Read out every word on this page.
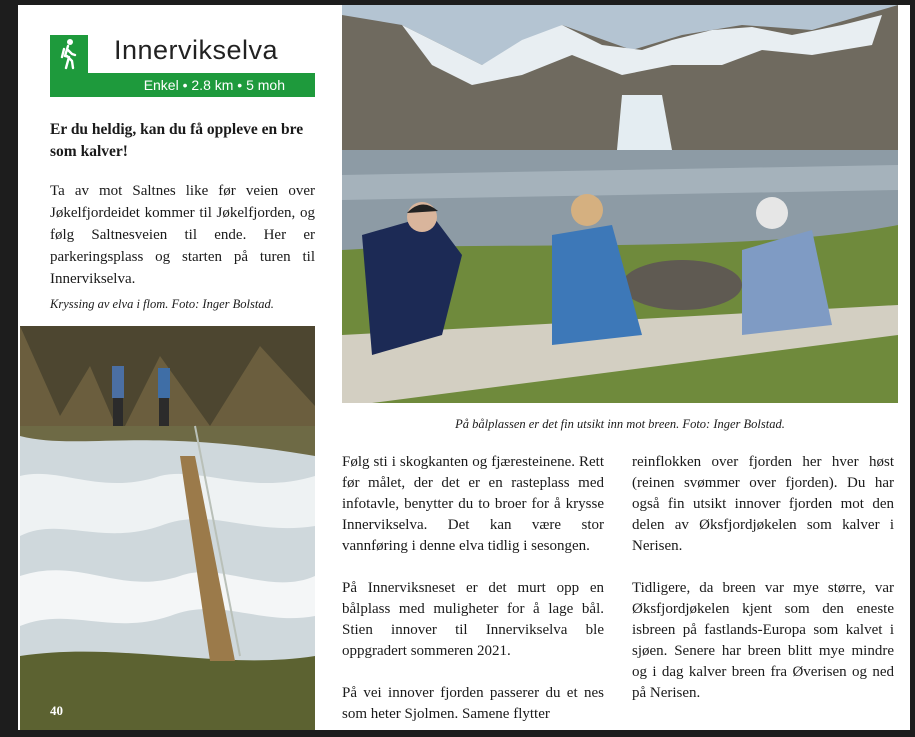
Innervikselva
Enkel • 2.8 km • 5 moh
Er du heldig, kan du få oppleve en bre som kalver!
Ta av mot Saltnes like før veien over Jøkelfjordeidet kommer til Jøkelfjorden, og følg Saltnesveien til ende. Her er parkeringsplass og starten på turen til Innervikselva.
Kryssing av elva i flom. Foto: Inger Bolstad.
På bålplassen er det fin utsikt inn mot breen. Foto: Inger Bolstad.

Følg sti i skogkanten og fjæresteinene. Rett før målet, der det er en rasteplass med infotavle, benytter du to broer for å krysse Innervikselva. Det kan være stor vannføring i denne elva tidlig i sesongen.

På Innerviksneset er det murt opp en bålplass med muligheter for å lage bål. Stien innover til Innervikselva ble oppgradert sommeren 2021.

På vei innover fjorden passerer du et nes som heter Sjolmen. Samene flytter

reinflokken over fjorden her hver høst (reinen svømmer over fjorden). Du har også fin utsikt innover fjorden mot den delen av Øksfjordjøkelen som kalver i Nerisen.

Tidligere, da breen var mye større, var Øksfjordjøkelen kjent som den eneste isbreen på fastlands-Europa som kalvet i sjøen. Senere har breen blitt mye mindre og i dag kalver breen fra Øverisen og ned på Nerisen.

40
